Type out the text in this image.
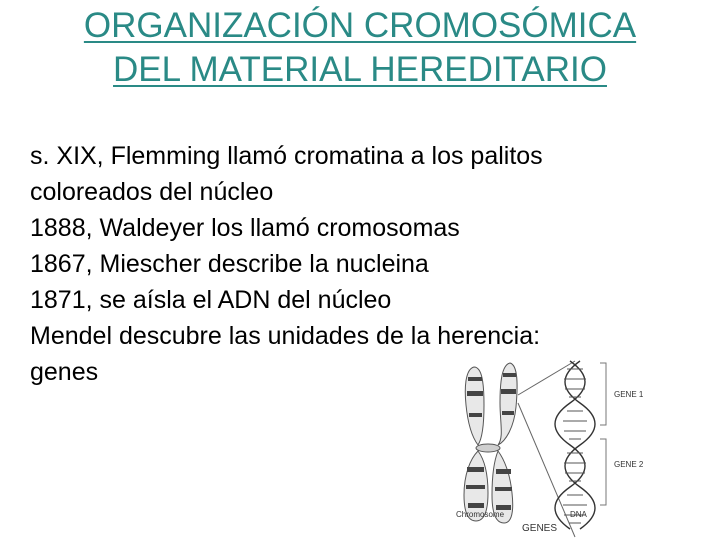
ORGANIZACIÓN CROMOSÓMICA
DEL MATERIAL HEREDITARIO
s. XIX, Flemming llamó cromatina a los palitos
coloreados del núcleo
1888, Waldeyer los llamó cromosomas
1867, Miescher describe la nucleina
1871, se aísla el ADN del núcleo
Mendel descubre las unidades de la herencia:
genes
GENE 1
GENE 2
Chromosome	DNA
GENES
